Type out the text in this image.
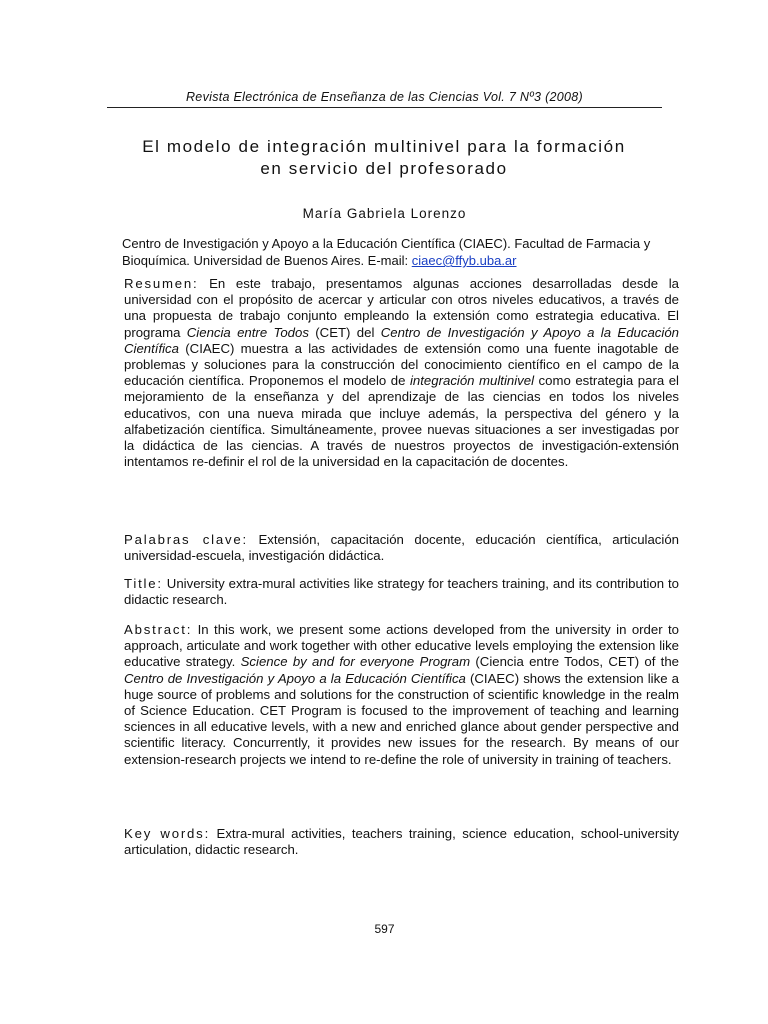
Revista Electrónica de Enseñanza de las Ciencias Vol. 7 Nº3 (2008)
El modelo de integración multinivel para la formación
en servicio del profesorado
María Gabriela Lorenzo
Centro de Investigación y Apoyo a la Educación Científica (CIAEC). Facultad de Farmacia y Bioquímica. Universidad de Buenos Aires. E-mail: ciaec@ffyb.uba.ar
Resumen: En este trabajo, presentamos algunas acciones desarrolladas desde la universidad con el propósito de acercar y articular con otros niveles educativos, a través de una propuesta de trabajo conjunto empleando la extensión como estrategia educativa. El programa Ciencia entre Todos (CET) del Centro de Investigación y Apoyo a la Educación Científica (CIAEC) muestra a las actividades de extensión como una fuente inagotable de problemas y soluciones para la construcción del conocimiento científico en el campo de la educación científica. Proponemos el modelo de integración multinivel como estrategia para el mejoramiento de la enseñanza y del aprendizaje de las ciencias en todos los niveles educativos, con una nueva mirada que incluye además, la perspectiva del género y la alfabetización científica. Simultáneamente, provee nuevas situaciones a ser investigadas por la didáctica de las ciencias. A través de nuestros proyectos de investigación-extensión intentamos re-definir el rol de la universidad en la capacitación de docentes.
Palabras clave: Extensión, capacitación docente, educación científica, articulación universidad-escuela, investigación didáctica.
Title: University extra-mural activities like strategy for teachers training, and its contribution to didactic research.
Abstract: In this work, we present some actions developed from the university in order to approach, articulate and work together with other educative levels employing the extension like educative strategy. Science by and for everyone Program (Ciencia entre Todos, CET) of the Centro de Investigación y Apoyo a la Educación Científica (CIAEC) shows the extension like a huge source of problems and solutions for the construction of scientific knowledge in the realm of Science Education. CET Program is focused to the improvement of teaching and learning sciences in all educative levels, with a new and enriched glance about gender perspective and scientific literacy. Concurrently, it provides new issues for the research. By means of our extension-research projects we intend to re-define the role of university in training of teachers.
Key words: Extra-mural activities, teachers training, science education, school-university articulation, didactic research.
597
